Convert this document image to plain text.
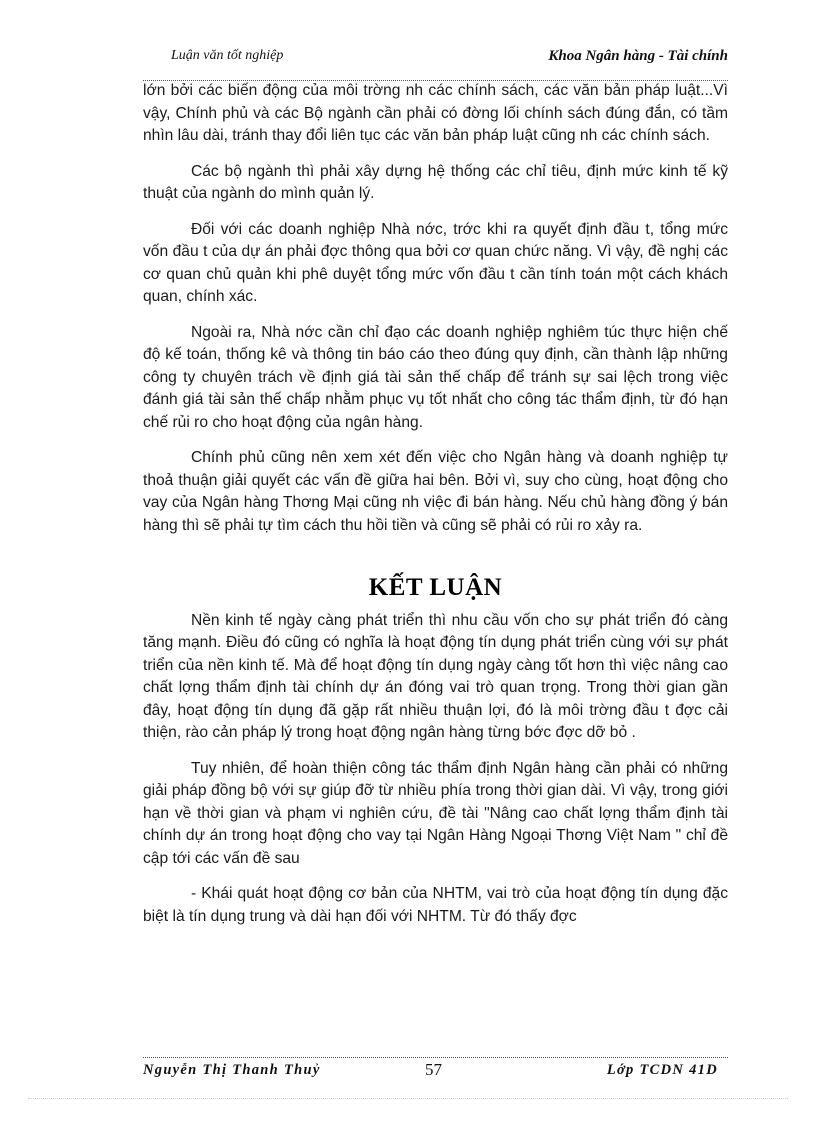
Luận văn tốt nghiệp	Khoa Ngân hàng - Tài chính

lớn bởi các biến động của môi trờng nh các chính sách, các văn bản pháp luật...Vì vậy, Chính phủ và các Bộ ngành cần phải có đờng lối chính sách đúng đắn, có tầm nhìn lâu dài, tránh thay đổi liên tục các văn bản pháp luật cũng nh các chính sách.

Các bộ ngành thì phải xây dựng hệ thống các chỉ tiêu, định mức kinh tế kỹ thuật của ngành do mình quản lý.

Đối với các doanh nghiệp Nhà nớc, trớc khi ra quyết định đầu t, tổng mức vốn đầu t của dự án phải đợc thông qua bởi cơ quan chức năng. Vì vậy, đề nghị các cơ quan chủ quản khi phê duyệt tổng mức vốn đầu t cần tính toán một cách khách quan, chính xác.

Ngoài ra, Nhà nớc cần chỉ đạo các doanh nghiệp nghiêm túc thực hiện chế độ kế toán, thống kê và thông tin báo cáo theo đúng quy định, cần thành lập những công ty chuyên trách về định giá tài sản thế chấp để tránh sự sai lệch trong việc đánh giá tài sản thế chấp nhằm phục vụ tốt nhất cho công tác thẩm định, từ đó hạn chế rủi ro cho hoạt động của ngân hàng.

Chính phủ cũng nên xem xét đến việc cho Ngân hàng và doanh nghiệp tự thoả thuận giải quyết các vấn đề giữa hai bên. Bởi vì, suy cho cùng, hoạt động cho vay của Ngân hàng Thơng Mại cũng nh việc đi bán hàng. Nếu chủ hàng đồng ý bán hàng thì sẽ phải tự tìm cách thu hồi tiền và cũng sẽ phải có rủi ro xảy ra.

KẾT LUẬN

Nền kinh tế ngày càng phát triển thì nhu cầu vốn cho sự phát triển đó càng tăng mạnh. Điều đó cũng có nghĩa là hoạt động tín dụng phát triển cùng với sự phát triển của nền kinh tế. Mà để hoạt động tín dụng ngày càng tốt hơn thì việc nâng cao chất lợng thẩm định tài chính dự án đóng vai trò quan trọng. Trong thời gian gần đây, hoạt động tín dụng đã gặp rất nhiều thuận lợi, đó là môi trờng đầu t đợc cải thiện, rào cản pháp lý trong hoạt động ngân hàng từng bớc đợc dỡ bỏ .

Tuy nhiên, để hoàn thiện công tác thẩm định Ngân hàng cần phải có những giải pháp đồng bộ với sự giúp đỡ từ nhiều phía trong thời gian dài. Vì vậy, trong giới hạn về thời gian và phạm vi nghiên cứu, đề tài "Nâng cao chất lợng thẩm định tài chính dự án trong hoạt động cho vay tại Ngân Hàng Ngoại Thơng Việt Nam " chỉ đề cập tới các vấn đề sau

- Khái quát hoạt động cơ bản của NHTM, vai trò của hoạt động tín dụng đặc biệt là tín dụng trung và dài hạn đối với NHTM. Từ đó thấy đợc

Nguyễn Thị Thanh Thuỷ	57	Lớp TCDN 41D
